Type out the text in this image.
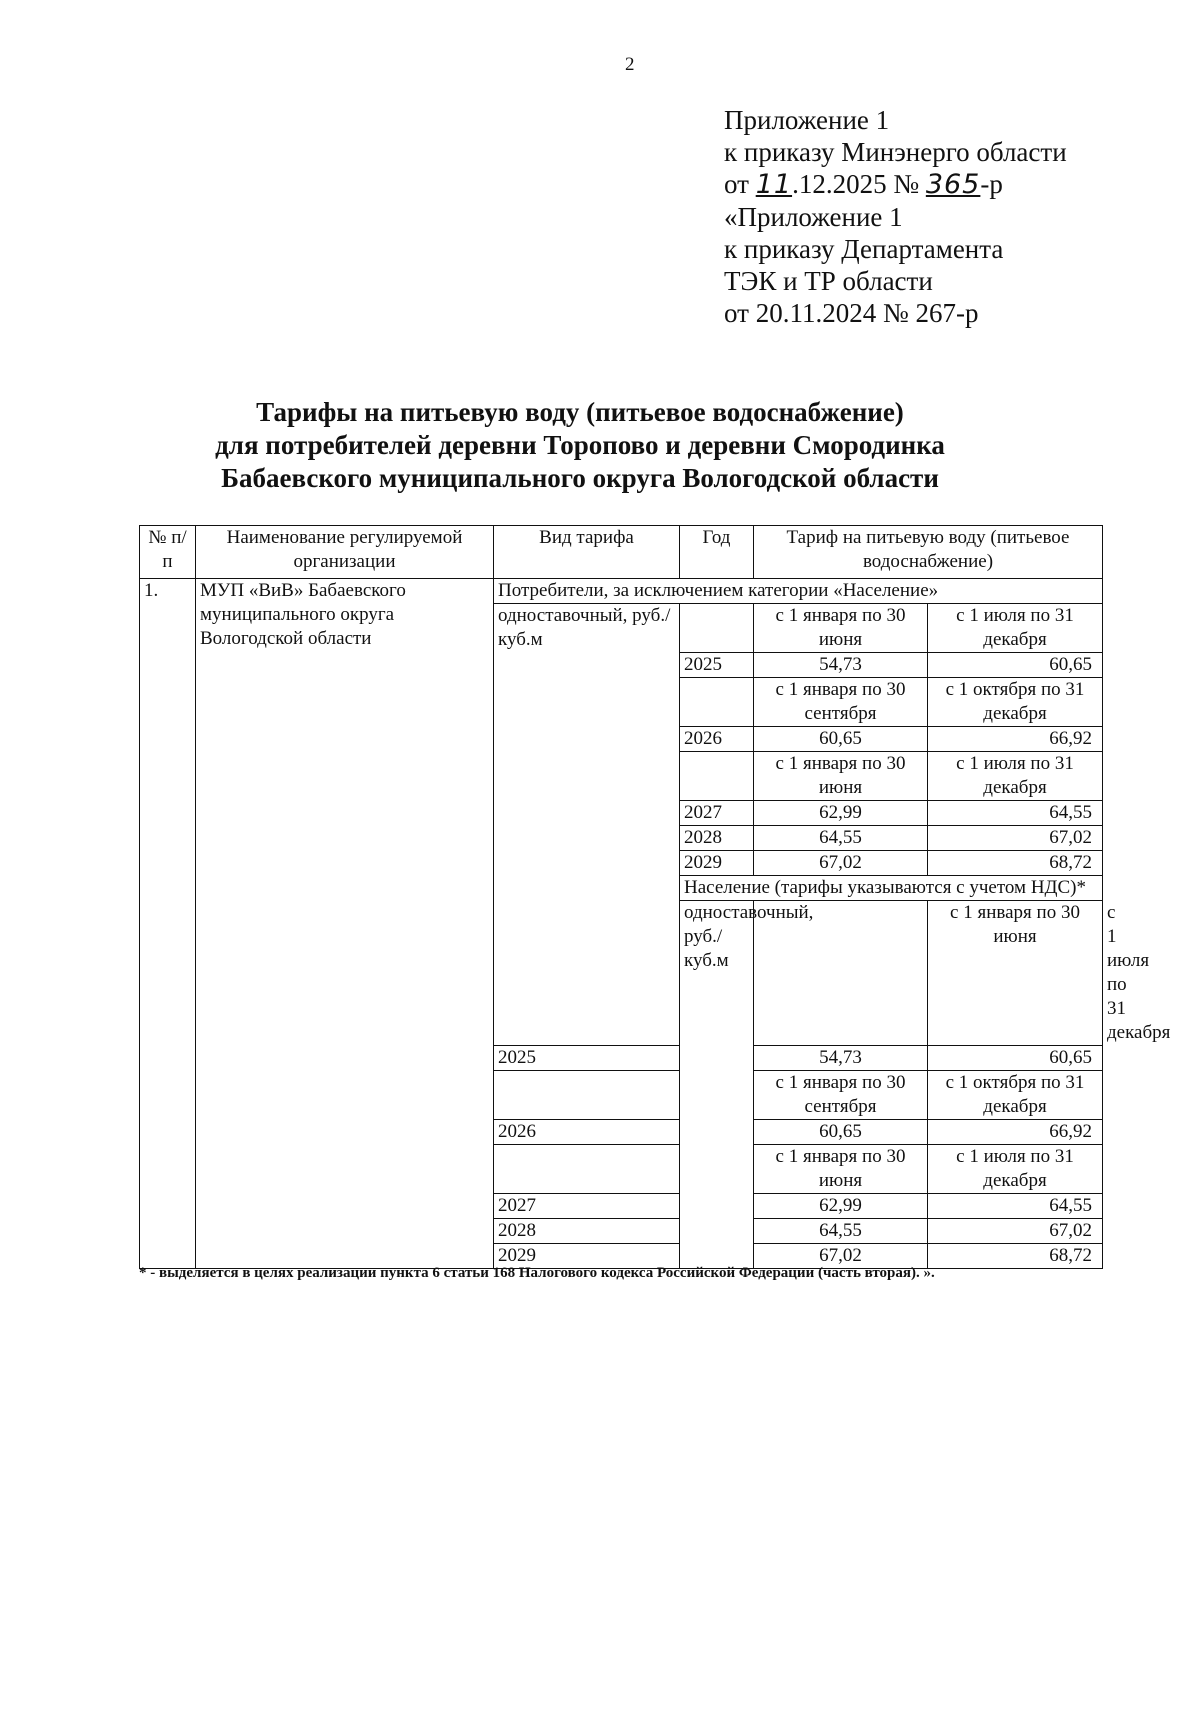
2
Приложение 1
к приказу Минэнерго области
от 11.12.2025 № 365-р
«Приложение 1
к приказу Департамента
ТЭК и ТР области
от 20.11.2024 № 267-р
Тарифы на питьевую воду (питьевое водоснабжение)
для потребителей деревни Торопово и деревни Смородинка
Бабаевского муниципального округа Вологодской области
№ п/п	Наименование регулируемой организации	Вид тарифа	Год	Тариф на питьевую воду (питьевое водоснабжение)		
1.	МУП «ВиВ» Бабаевского муниципального округа Вологодской области	Потребители, за исключением категории «Население»				
		одноставочный, руб./куб.м		с 1 января по 30 июня	с 1 июля по 31 декабря	
			2025	54,73	60,65	
				с 1 января по 30 сентября	с 1 октября по 31 декабря	
			2026	60,65	66,92	
				с 1 января по 30 июня	с 1 июля по 31 декабря	
			2027	62,99	64,55	
			2028	64,55	67,02	
			2029	67,02	68,72	
			Население (тарифы указываются с учетом НДС)*			
			одноставочный, руб./куб.м		с 1 января по 30 июня	с 1 июля по 31 декабря
		2025		54,73	60,65	
				с 1 января по 30 сентября	с 1 октября по 31 декабря	
		2026		60,65	66,92	
				с 1 января по 30 июня	с 1 июля по 31 декабря	
		2027		62,99	64,55	
		2028		64,55	67,02	
		2029		67,02	68,72	
* - выделяется в целях реализации пункта 6 статьи 168 Налогового кодекса Российской Федерации (часть вторая). ».
